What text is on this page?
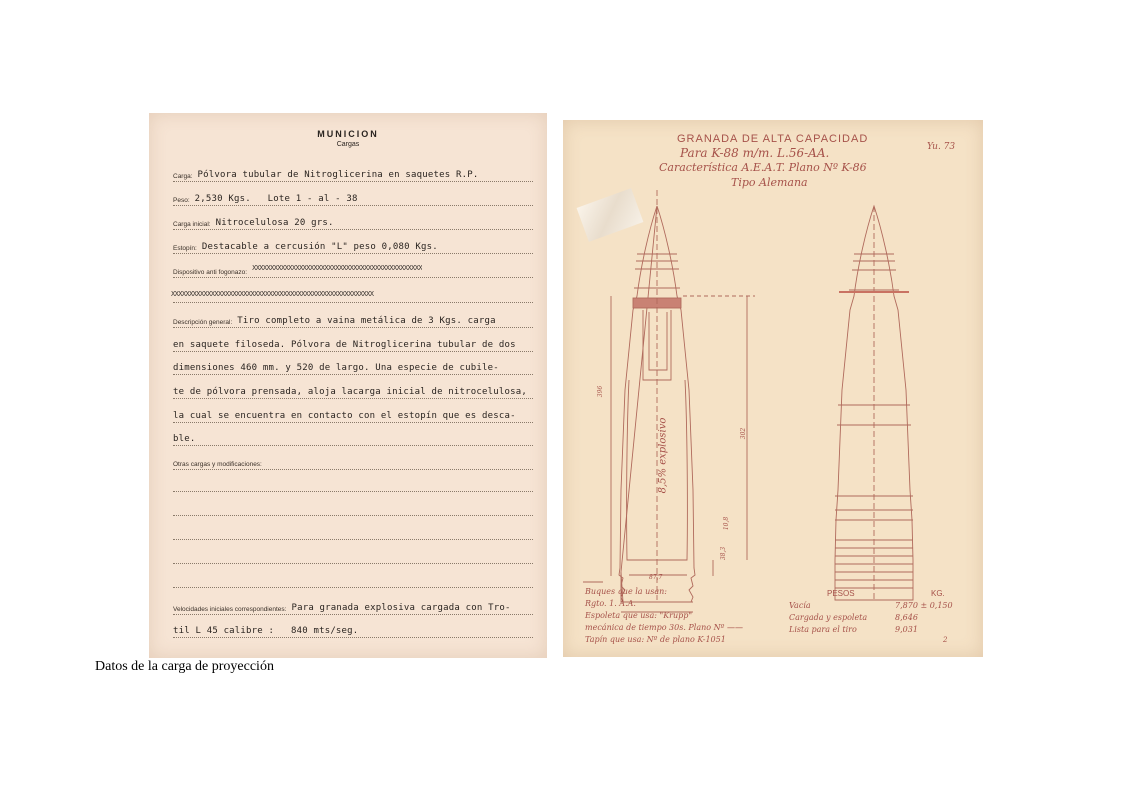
MUNICION
Cargas
Carga: Pólvora tubular de Nitroglicerina en saquetes R.P.
Peso: 2,530 Kgs.   Lote 1 - al - 38
Carga inicial: Nitrocelulosa 20 grs.
Estopín: Destacable a cercusión "L" peso 0,080 Kgs.
Dispositivo anti fogonazo:
XXXXXXXXXXXXXXXXXXXXXXXXXXXXXXXXXXXXXXXXXXXXXXX
XXXXXXXXXXXXXXXXXXXXXXXXXXXXXXXXXXXXXXXXXXXXXXXXXXXXXXXX
Descripción general: Tiro completo a vaina metálica de 3 Kgs. carga
en saquete filoseda. Pólvora de Nitroglicerina tubular de dos
dimensiones 460 mm. y 520 de largo. Una especie de cubile-
te de pólvora prensada, aloja lacarga inicial de nitrocelulosa,
la cual se encuentra en contacto con el estopín que es desca-
ble.
Otras cargas y modificaciones:
Velocidades iniciales correspondientes: Para granada explosiva cargada con Tro-
til L 45 calibre :   840 mts/seg.
GRANADA DE ALTA CAPACIDAD
Para K-88 m/m. L.56-AA.
Característica A.E.A.T. Plano Nº K-86
Tipo Alemana
Yu. 73
396
302
87,7
38,3
10,8
8,5% explosivo
Buques que la usan:
Rgto. 1. A.A.
Espoleta que usa: "Krupp"
mecánica de tiempo 30s. Plano Nº ——
Tapín que usa: Nº de plano K-1051
PESOS	KG.
Vacía	7,870 ± 0,150
Cargada y espoleta	8,646
Lista para el tiro	9,031
2
Datos de la carga de proyección
